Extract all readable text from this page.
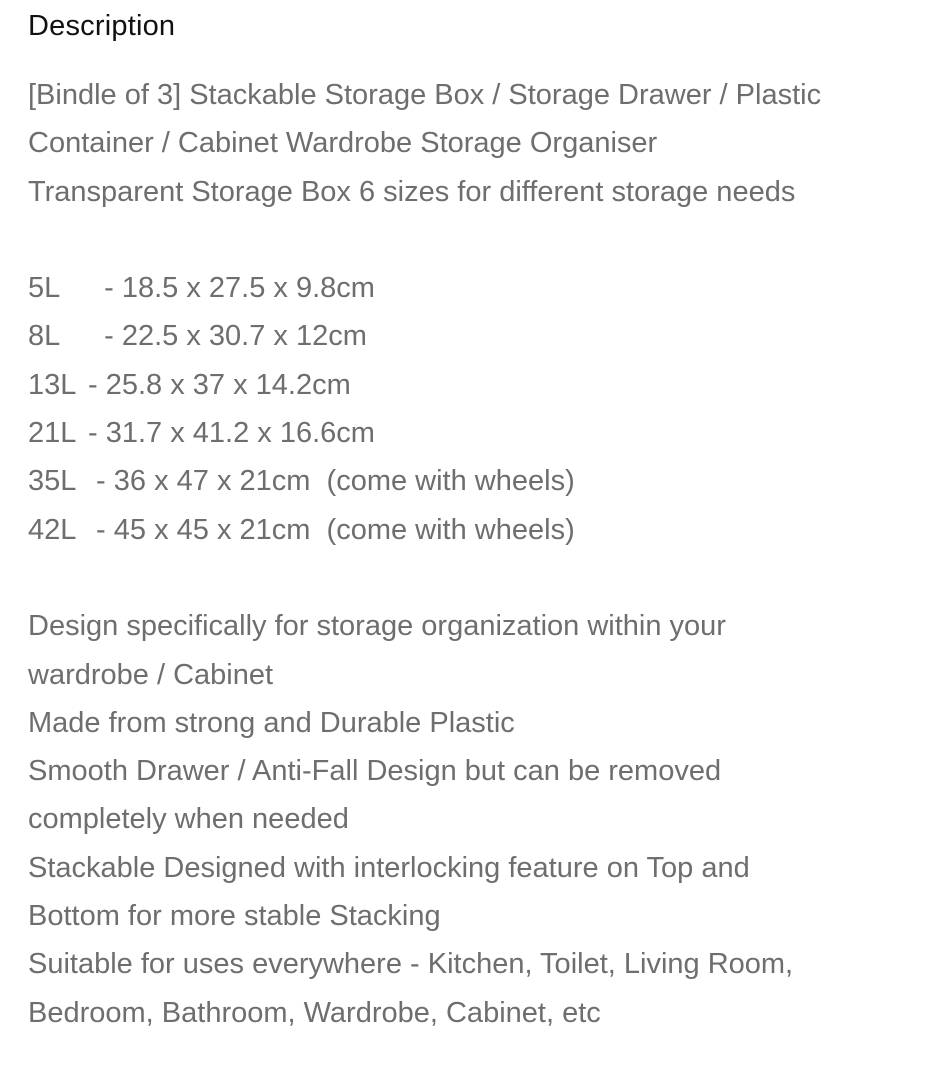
Description
[Bindle of 3] Stackable Storage Box / Storage Drawer / Plastic
Container / Cabinet Wardrobe Storage Organiser
Transparent Storage Box 6 sizes for different storage needs
5L  - 18.5 x 27.5 x 9.8cm
8L  - 22.5 x 30.7 x 12cm
13L - 25.8 x 37 x 14.2cm
21L - 31.7 x 41.2 x 16.6cm
35L - 36 x 47 x 21cm  (come with wheels)
42L - 45 x 45 x 21cm  (come with wheels)
Design specifically for storage organization within your
wardrobe / Cabinet
Made from strong and Durable Plastic
Smooth Drawer / Anti-Fall Design but can be removed
completely when needed
Stackable Designed with interlocking feature on Top and
Bottom for more stable Stacking
Suitable for uses everywhere - Kitchen, Toilet, Living Room,
Bedroom, Bathroom, Wardrobe, Cabinet, etc
